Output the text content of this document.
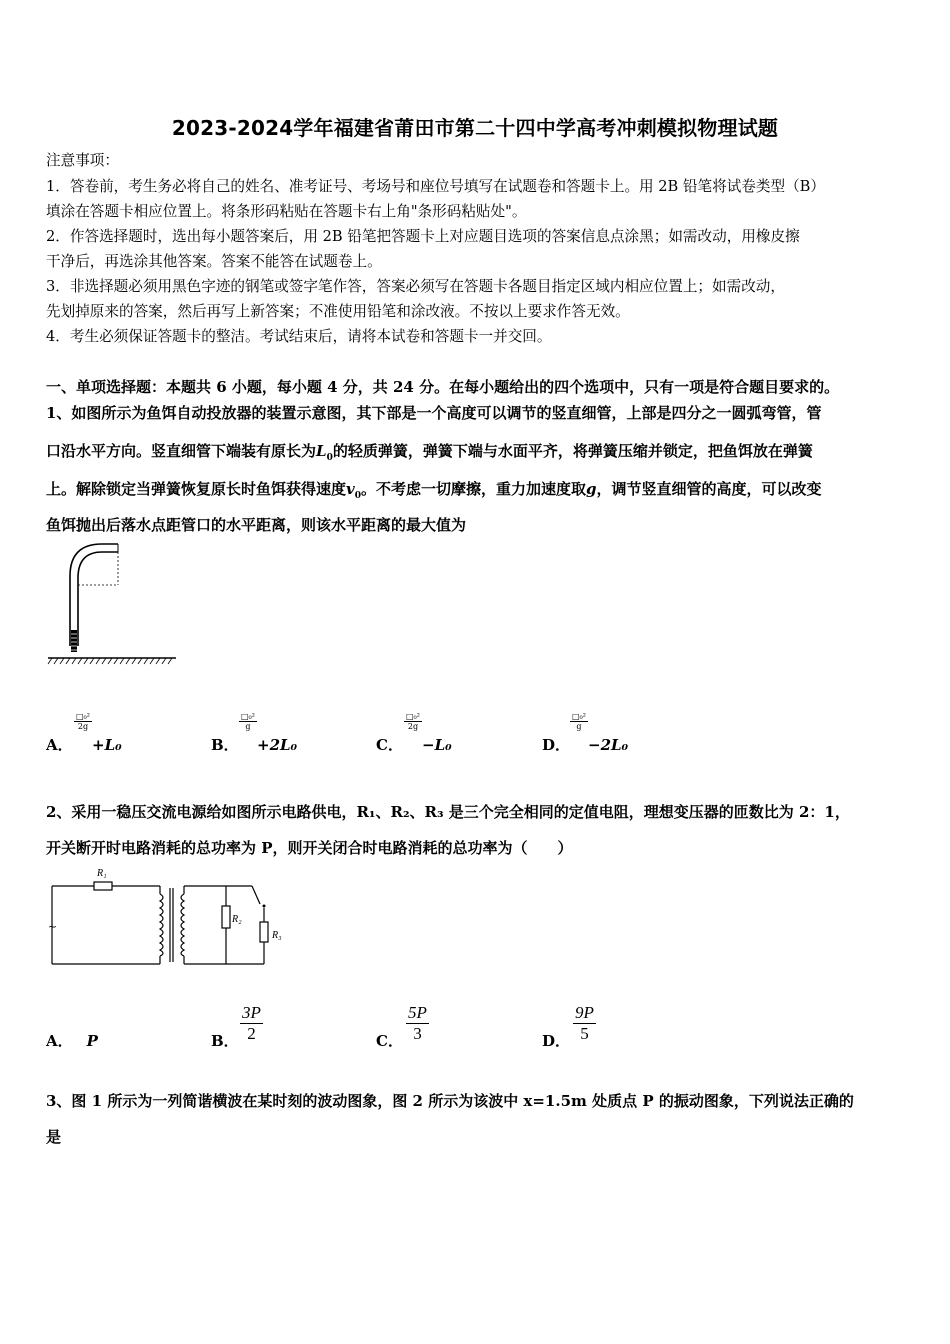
2023-2024学年福建省莆田市第二十四中学高考冲刺模拟物理试题
注意事项：
1．答卷前，考生务必将自己的姓名、准考证号、考场号和座位号填写在试题卷和答题卡上。用 2B 铅笔将试卷类型（B）
填涂在答题卡相应位置上。将条形码粘贴在答题卡右上角"条形码粘贴处"。
2．作答选择题时，选出每小题答案后，用 2B 铅笔把答题卡上对应题目选项的答案信息点涂黑；如需改动，用橡皮擦
干净后，再选涂其他答案。答案不能答在试题卷上。
3．非选择题必须用黑色字迹的钢笔或签字笔作答，答案必须写在答题卡各题目指定区域内相应位置上；如需改动，
先划掉原来的答案，然后再写上新答案；不准使用铅笔和涂改液。不按以上要求作答无效。
4．考生必须保证答题卡的整洁。考试结束后，请将本试卷和答题卡一并交回。
一、单项选择题：本题共 6 小题，每小题 4 分，共 24 分。在每小题给出的四个选项中，只有一项是符合题目要求的。
1、如图所示为鱼饵自动投放器的装置示意图，其下部是一个高度可以调节的竖直细管，上部是四分之一圆弧弯管，管
口沿水平方向。竖直细管下端装有原长为$L_0$的轻质弹簧，弹簧下端与水面平齐，将弹簧压缩并锁定，把鱼饵放在弹簧
上。解除锁定当弹簧恢复原长时鱼饵获得速度$v_0$。不考虑一切摩擦，重力加速度取g，调节竖直细管的高度，可以改变
鱼饵抛出后落水点距管口的水平距离，则该水平距离的最大值为
A．
□₀²
2g
+L₀	B．
□₀²
g
+2L₀	C．
□₀²
2g
−L₀	D．
□₀²
g
−2L₀
2、采用一稳压交流电源给如图所示电路供电，R₁、R₂、R₃ 是三个完全相同的定值电阻，理想变压器的匝数比为 2：1，
开关断开时电路消耗的总功率为 P，则开关闭合时电路消耗的总功率为（　　）
R₁
R₂
R₃
~
A． P	B． $\frac{3P}{2}$	C． $\frac{5P}{3}$	D． $\frac{9P}{5}$
3、图 1 所示为一列简谐横波在某时刻的波动图象，图 2 所示为该波中 x=1.5m 处质点 P 的振动图象，下列说法正确的
是
